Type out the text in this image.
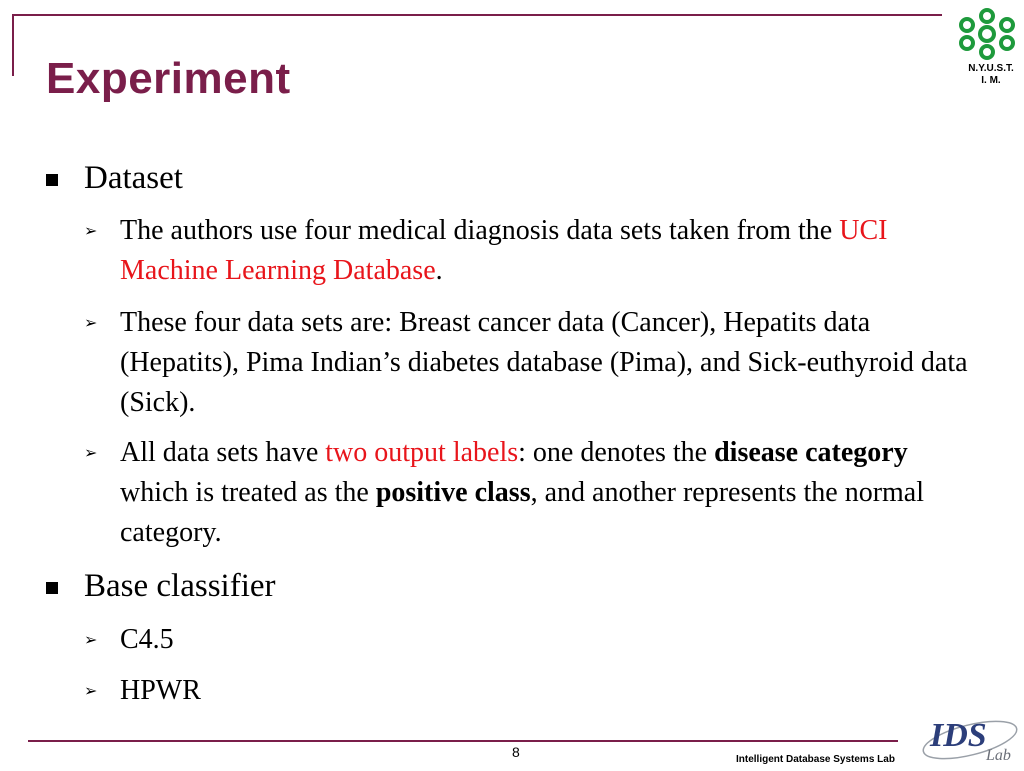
Experiment	N.Y.U.S.T.
I. M.
Dataset
➢ The authors use four medical diagnosis data sets taken from the UCI Machine Learning Database.
➢ These four data sets are: Breast cancer data (Cancer), Hepatits data (Hepatits), Pima Indian’s diabetes database (Pima), and Sick-euthyroid data (Sick).
➢ All data sets have two output labels: one denotes the disease category which is treated as the positive class, and another represents the normal category.
Base classifier
➢ C4.5
➢ HPWR
8	Intelligent Database Systems Lab
IDS
Lab
